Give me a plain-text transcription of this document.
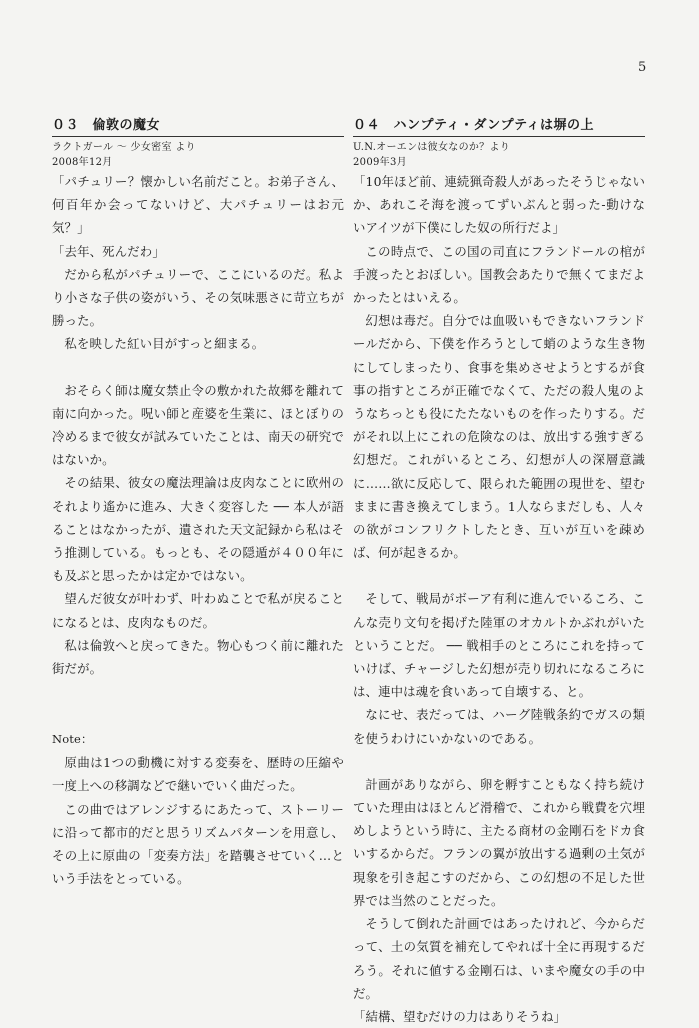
5
０３　倫敦の魔女
ラクトガール ～ 少女密室 より
2008年12月

「パチュリー？懐かしい名前だこと。お弟子さん、何百年か会ってないけど、大パチュリーはお元気？」

「去年、死んだわ」

だから私がパチュリーで、ここにいるのだ。私より小さな子供の姿がいう、その気味悪さに苛立ちが勝った。

私を映した紅い目がすっと細まる。

おそらく師は魔女禁止令の敷かれた故郷を離れて南に向かった。呪い師と産婆を生業に、ほとぼりの冷めるまで彼女が試みていたことは、南天の研究ではないか。

その結果、彼女の魔法理論は皮肉なことに欧州のそれより遙かに進み、大きく変容した ── 本人が語ることはなかったが、遺された天文記録から私はそう推測している。もっとも、その隠遁が４００年にも及ぶと思ったかは定かではない。

望んだ彼女が叶わず、叶わぬことで私が戻ることになるとは、皮肉なものだ。

私は倫敦へと戻ってきた。物心もつく前に離れた街だが。

Note：

原曲は1つの動機に対する変奏を、歴時の圧縮や一度上への移調などで継いでいく曲だった。

この曲ではアレンジするにあたって、ストーリーに沿って都市的だと思うリズムパターンを用意し、その上に原曲の「変奏方法」を踏襲させていく…という手法をとっている。

０４　ハンプティ・ダンプティは塀の上
U.N.オーエンは彼女なのか？より
2009年3月

「10年ほど前、連続猟奇殺人があったそうじゃないか、あれこそ海を渡ってずいぶんと弱った‐動けないアイツが下僕にした奴の所行だよ」

この時点で、この国の司直にフランドールの棺が手渡ったとおぼしい。国教会あたりで無くてまだよかったとはいえる。

幻想は毒だ。自分では血吸いもできないフランドールだから、下僕を作ろうとして蛸のような生き物にしてしまったり、食事を集めさせようとするが食事の指すところが正確でなくて、ただの殺人鬼のようなちっとも役にたたないものを作ったりする。だがそれ以上にこれの危険なのは、放出する強すぎる幻想だ。これがいるところ、幻想が人の深層意識に……欲に反応して、限られた範囲の現世を、望むままに書き換えてしまう。1人ならまだしも、人々の欲がコンフリクトしたとき、互いが互いを疎めば、何が起きるか。

そして、戦局がボーア有利に進んでいるころ、こんな売り文句を掲げた陸軍のオカルトかぶれがいたということだ。 ── 戦相手のところにこれを持っていけば、チャージした幻想が売り切れになるころには、連中は魂を食いあって自壊する、と。

なにせ、表だっては、ハーグ陸戦条約でガスの類を使うわけにいかないのである。

計画がありながら、卵を孵すこともなく持ち続けていた理由はほとんど滑稽で、これから戦費を穴埋めしようという時に、主たる商材の金剛石をドカ食いするからだ。フランの翼が放出する過剰の土気が現象を引き起こすのだから、この幻想の不足した世界では当然のことだった。

そうして倒れた計画ではあったけれど、今からだって、土の気質を補充してやれば十全に再現するだろう。それに値する金剛石は、いまや魔女の手の中だ。

「結構、望むだけの力はありそうね」
